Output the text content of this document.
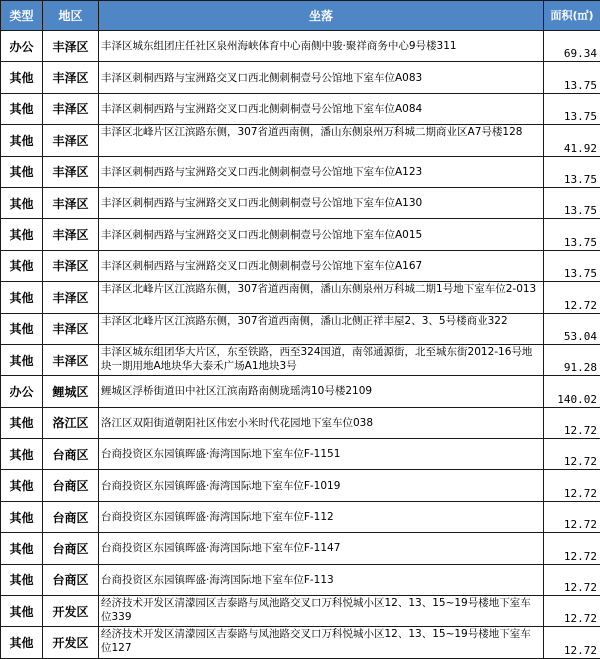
类型	地区	坐落	面积(㎡)
办公	丰泽区	丰泽区城东组团庄任社区泉州海峡体育中心南侧中骏·聚祥商务中心9号楼311	69.34
其他	丰泽区	丰泽区刺桐西路与宝洲路交叉口西北侧刺桐壹号公馆地下室车位A083	13.75
其他	丰泽区	丰泽区刺桐西路与宝洲路交叉口西北侧刺桐壹号公馆地下室车位A084	13.75
其他	丰泽区	丰泽区北峰片区江滨路东侧，307省道西南侧，潘山东侧泉州万科城二期商业区A7号楼128	41.92
其他	丰泽区	丰泽区刺桐西路与宝洲路交叉口西北侧刺桐壹号公馆地下室车位A123	13.75
其他	丰泽区	丰泽区刺桐西路与宝洲路交叉口西北侧刺桐壹号公馆地下室车位A130	13.75
其他	丰泽区	丰泽区刺桐西路与宝洲路交叉口西北侧刺桐壹号公馆地下室车位A015	13.75
其他	丰泽区	丰泽区刺桐西路与宝洲路交叉口西北侧刺桐壹号公馆地下室车位A167	13.75
其他	丰泽区	丰泽区北峰片区江滨路东侧，307省道西南侧，潘山东侧泉州万科城二期1号地下室车位2-013	12.72
其他	丰泽区	丰泽区北峰片区江滨路东侧，307省道西南侧，潘山北侧正祥丰屋2、3、5号楼商业322	53.04
其他	丰泽区	丰泽区城东组团华大片区，东至铁路，西至324国道，南邻通源街，北至城东街2012-16号地块一期用地A地块华大泰禾广场A1地块3号	91.28
办公	鲤城区	鲤城区浮桥街道田中社区江滨南路南侧珑瑶湾10号楼2109	140.02
其他	洛江区	洛江区双阳街道朝阳社区伟宏小米时代花园地下室车位038	12.72
其他	台商区	台商投资区东园镇晖盛·海湾国际地下室车位F-1151	12.72
其他	台商区	台商投资区东园镇晖盛·海湾国际地下室车位F-1019	12.72
其他	台商区	台商投资区东园镇晖盛·海湾国际地下室车位F-112	12.72
其他	台商区	台商投资区东园镇晖盛·海湾国际地下室车位F-1147	12.72
其他	台商区	台商投资区东园镇晖盛·海湾国际地下室车位F-113	12.72
其他	开发区	经济技术开发区清濛园区吉泰路与凤池路交叉口万科悦城小区12、13、15~19号楼地下室车位339	12.72
其他	开发区	经济技术开发区清濛园区吉泰路与凤池路交叉口万科悦城小区12、13、15~19号楼地下室车位127	12.72
